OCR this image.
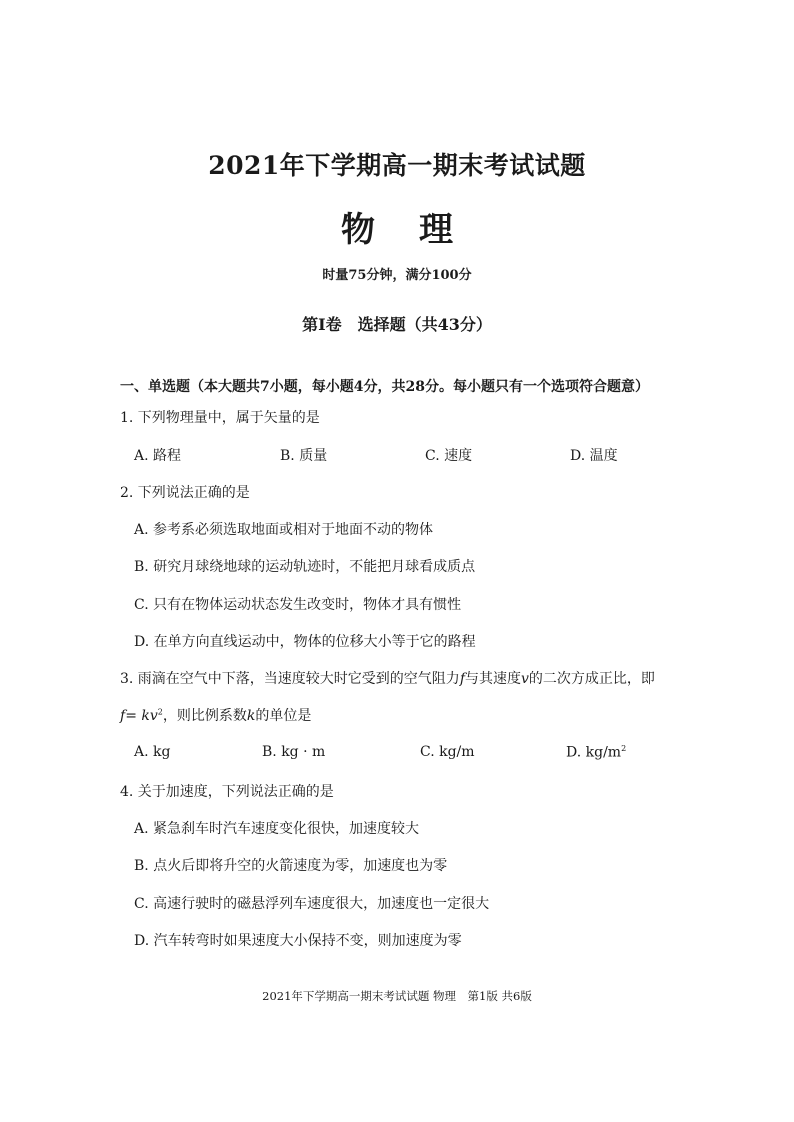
2021年下学期高一期末考试试题
物 理
时量75分钟，满分100分
第Ⅰ卷　选择题（共43分）
一、单选题（本大题共7小题，每小题4分，共28分。每小题只有一个选项符合题意）
1. 下列物理量中，属于矢量的是
A. 路程	B. 质量	C. 速度	D. 温度
2. 下列说法正确的是
A. 参考系必须选取地面或相对于地面不动的物体
B. 研究月球绕地球的运动轨迹时，不能把月球看成质点
C. 只有在物体运动状态发生改变时，物体才具有惯性
D. 在单方向直线运动中，物体的位移大小等于它的路程
3. 雨滴在空气中下落，当速度较大时它受到的空气阻力f与其速度v的二次方成正比，即
$f= kv^2$，则比例系数k的单位是
A. kg	B. kg · m	C. kg/m	D. $kg/m^2$
4. 关于加速度，下列说法正确的是
A. 紧急刹车时汽车速度变化很快，加速度较大
B. 点火后即将升空的火箭速度为零，加速度也为零
C. 高速行驶时的磁悬浮列车速度很大，加速度也一定很大
D. 汽车转弯时如果速度大小保持不变，则加速度为零
2021年下学期高一期末考试试题 物理　第1版 共6版
